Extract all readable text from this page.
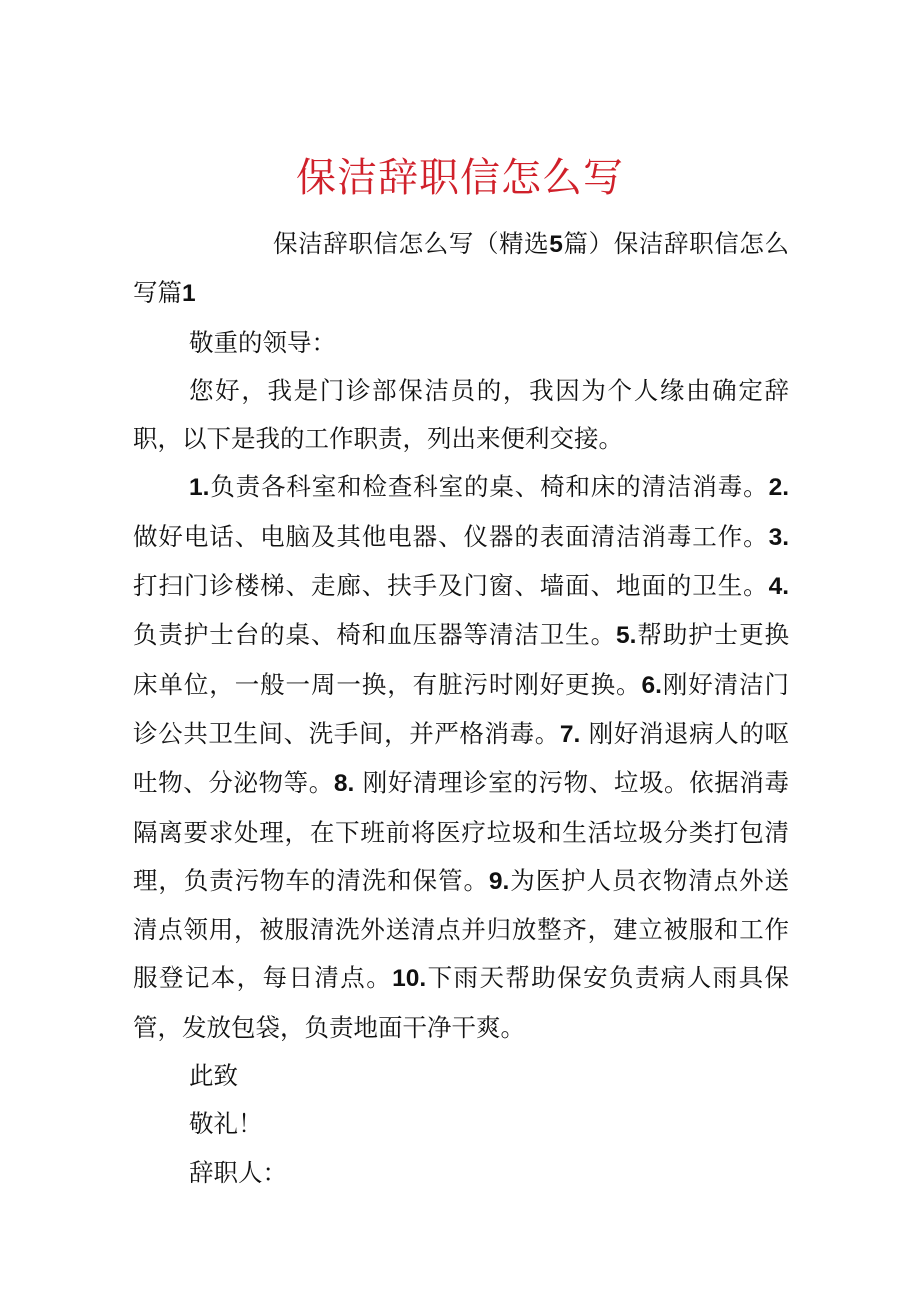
保洁辞职信怎么写

保洁辞职信怎么写（精选5篇）保洁辞职信怎么写篇1

敬重的领导：

您好，我是门诊部保洁员的，我因为个人缘由确定辞职，以下是我的工作职责，列出来便利交接。

1.负责各科室和检查科室的桌、椅和床的清洁消毒。2. 做好电话、电脑及其他电器、仪器的表面清洁消毒工作。3. 打扫门诊楼梯、走廊、扶手及门窗、墙面、地面的卫生。4. 负责护士台的桌、椅和血压器等清洁卫生。5.帮助护士更换床单位，一般一周一换，有脏污时刚好更换。6.刚好清洁门诊公共卫生间、洗手间，并严格消毒。7. 刚好消退病人的呕吐物、分泌物等。8. 刚好清理诊室的污物、垃圾。依据消毒隔离要求处理，在下班前将医疗垃圾和生活垃圾分类打包清理，负责污物车的清洗和保管。9.为医护人员衣物清点外送清点领用，被服清洗外送清点并归放整齐，建立被服和工作服登记本，每日清点。10.下雨天帮助保安负责病人雨具保管，发放包袋，负责地面干净干爽。

此致

敬礼！

辞职人：
